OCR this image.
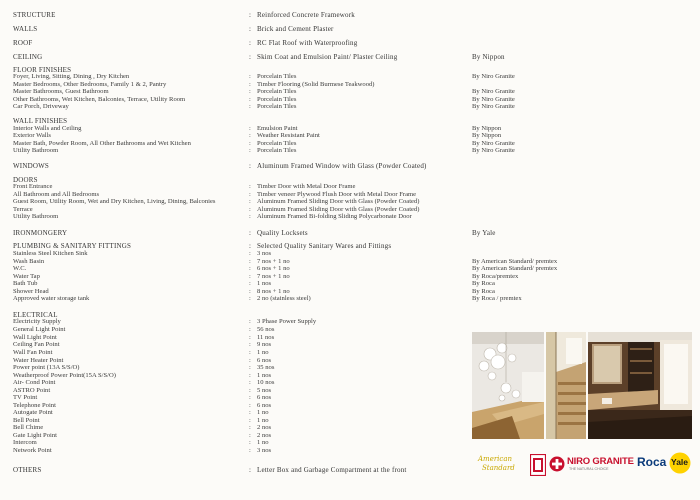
STRUCTURE	: Reinforced Concrete Framework
WALLS	: Brick and Cement Plaster
ROOF	: RC Flat Roof with Waterproofing
CEILING	: Skim Coat and Emulsion Paint/ Plaster Ceiling	By Nippon
FLOOR FINISHES
Foyer, Living, Sitting, Dining , Dry Kitchen	: Porcelain Tiles	By Niro Granite
Master Bedrooms, Other Bedrooms, Family 1 & 2, Pantry	: Timber Flooring (Solid Burmese Teakwood)
Master Bathrooms, Guest Bathroom	: Porcelain Tiles	By Niro Granite
Other Bathrooms, Wet Kitchen, Balconies, Terrace, Utility Room	: Porcelain Tiles	By Niro Granite
Car Porch, Driveway	: Porcelain Tiles	By Niro Granite
WALL FINISHES
Interior Walls and Ceiling	: Emulsion Paint	By Nippon
Exterior Walls	: Weather Resistant Paint	By Nippon
Master Bath, Powder Room, All Other Bathrooms and Wet Kitchen	: Porcelain Tiles	By Niro Granite
Utility Bathroom	: Porcelain Tiles	By Niro Granite
WINDOWS	: Aluminum Framed Window with Glass (Powder Coated)
DOORS
Front Entrance	: Timber Door with Metal Door Frame
All Bathroom and All Bedrooms	: Timber veneer Plywood Flush Door with Metal Door Frame
Guest Room, Utility Room, Wet and Dry Kitchen, Living, Dining, Balconies	: Aluminum Framed Sliding Door with Glass (Powder Coated)
Terrace	: Aluminum Framed Sliding Door with Glass (Powder Coated)
Utility Bathroom	: Aluminum Framed Bi-folding Sliding Polycarbonate Door
IRONMONGERY	: Quality Locksets	By Yale
PLUMBING & SANITARY FITTINGS	: Selected Quality Sanitary Wares and Fittings
Stainless Steel Kitchen Sink	: 3 nos
Wash Basin	: 7 nos + 1 no	By American Standard/ premtex
W.C.	: 6 nos + 1 no	By American Standard/ premtex
Water Tap	: 7 nos + 1 no	By Roca/premtex
Bath Tub	: 1 nos	By Roca
Shower Head	: 8 nos + 1 no	By Roca
Approved water storage tank	: 2 no (stainless steel)	By Roca / premtex
ELECTRICAL
Electricity Supply	: 3 Phase Power Supply
General Light Point	: 56 nos
Wall Light Point	: 11 nos
Ceiling Fan Point	: 9 nos
Wall Fan Point	: 1 no
Water Heater Point	: 6 nos
Power point (13A S/S/O)	: 35 nos
Weatherproof Power Point(15A S/S/O)	: 1 nos
Air- Cond Point	: 10 nos
ASTRO Point	: 5 nos
TV Point	: 6 nos
Telephone Point	: 6 nos
Autogate Point	: 1 no
Bell Point	: 1 no
Bell Chime	: 2 nos
Gate Light Point	: 2 nos
Intercom	: 1 no
Network Point	: 3 nos
OTHERS	: Letter Box and Garbage Compartment at the front
American
Standard
NIRO GRANITE
THE NATURAL CHOICE Roca Yale
